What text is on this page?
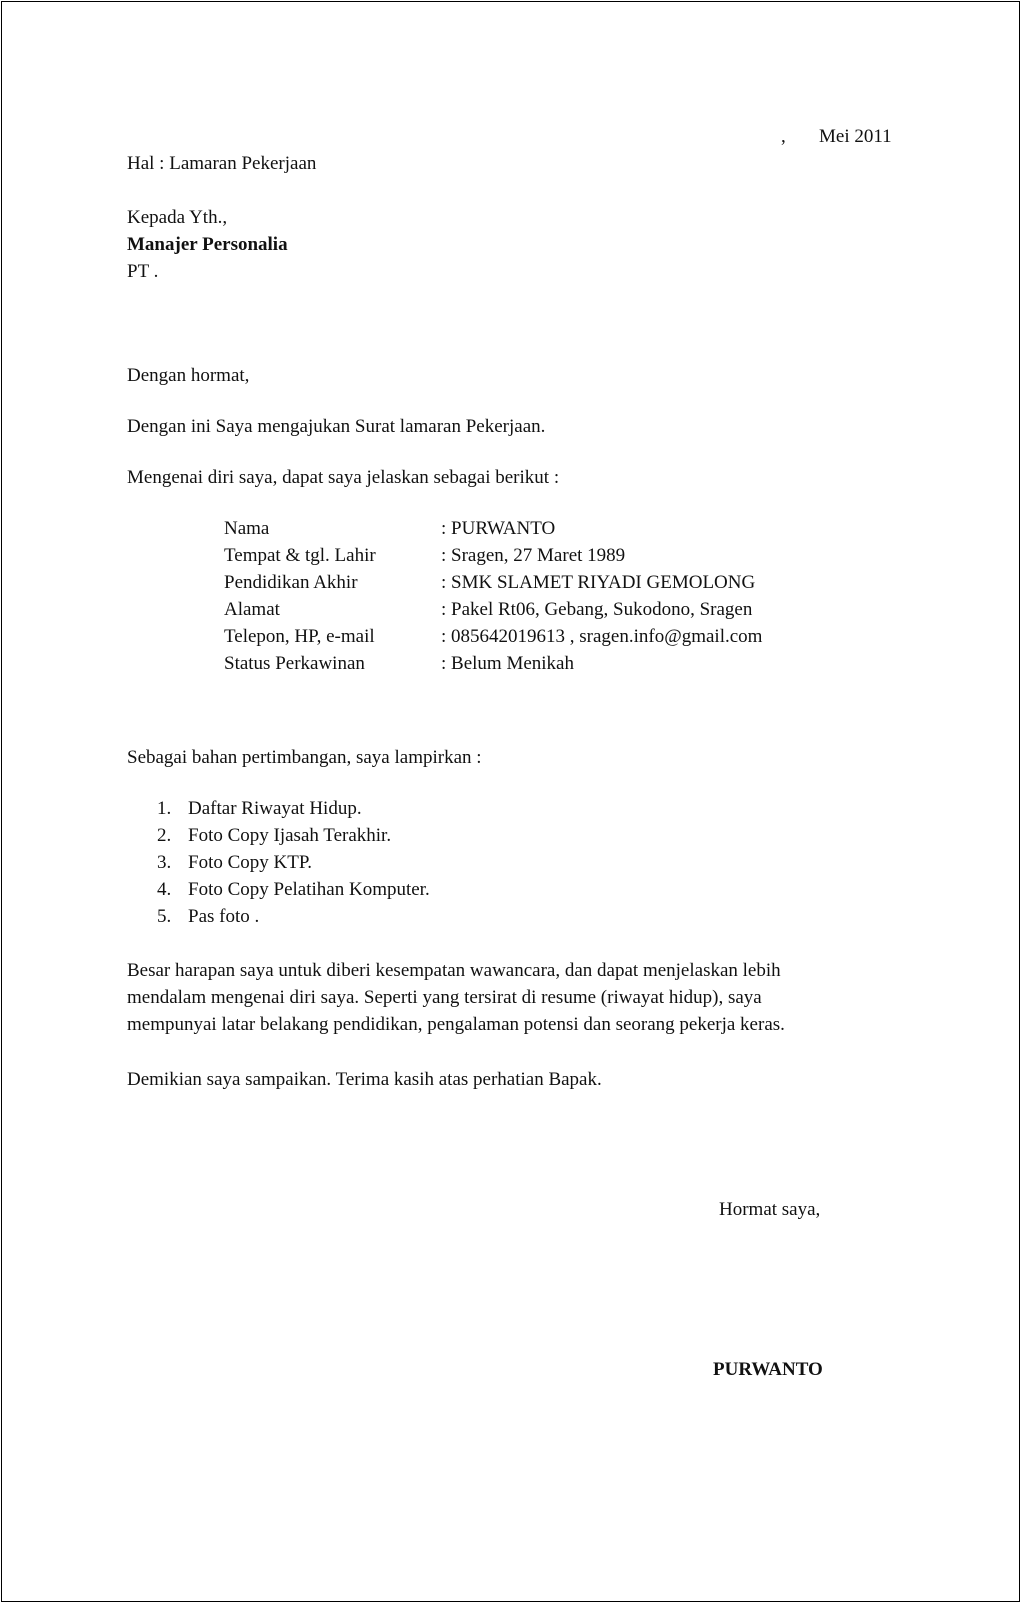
, Mei 2011
Hal : Lamaran Pekerjaan
Kepada Yth.,
Manajer Personalia
PT .
Dengan hormat,
Dengan ini Saya mengajukan Surat lamaran Pekerjaan.
Mengenai diri saya, dapat saya jelaskan sebagai berikut :
Nama	: PURWANTO
Tempat & tgl. Lahir	: Sragen, 27 Maret 1989
Pendidikan Akhir	: SMK SLAMET RIYADI GEMOLONG
Alamat	: Pakel Rt06, Gebang, Sukodono, Sragen
Telepon, HP, e-mail	: 085642019613 , sragen.info@gmail.com
Status Perkawinan	: Belum Menikah
Sebagai bahan pertimbangan, saya lampirkan :
1. Daftar Riwayat Hidup.
2. Foto Copy Ijasah Terakhir.
3. Foto Copy KTP.
4. Foto Copy Pelatihan Komputer.
5. Pas foto .
Besar harapan saya untuk diberi kesempatan wawancara, dan dapat menjelaskan lebih
mendalam mengenai diri saya. Seperti yang tersirat di resume (riwayat hidup), saya
mempunyai latar belakang pendidikan, pengalaman potensi dan seorang pekerja keras.
Demikian saya sampaikan. Terima kasih atas perhatian Bapak.
Hormat saya,
PURWANTO
